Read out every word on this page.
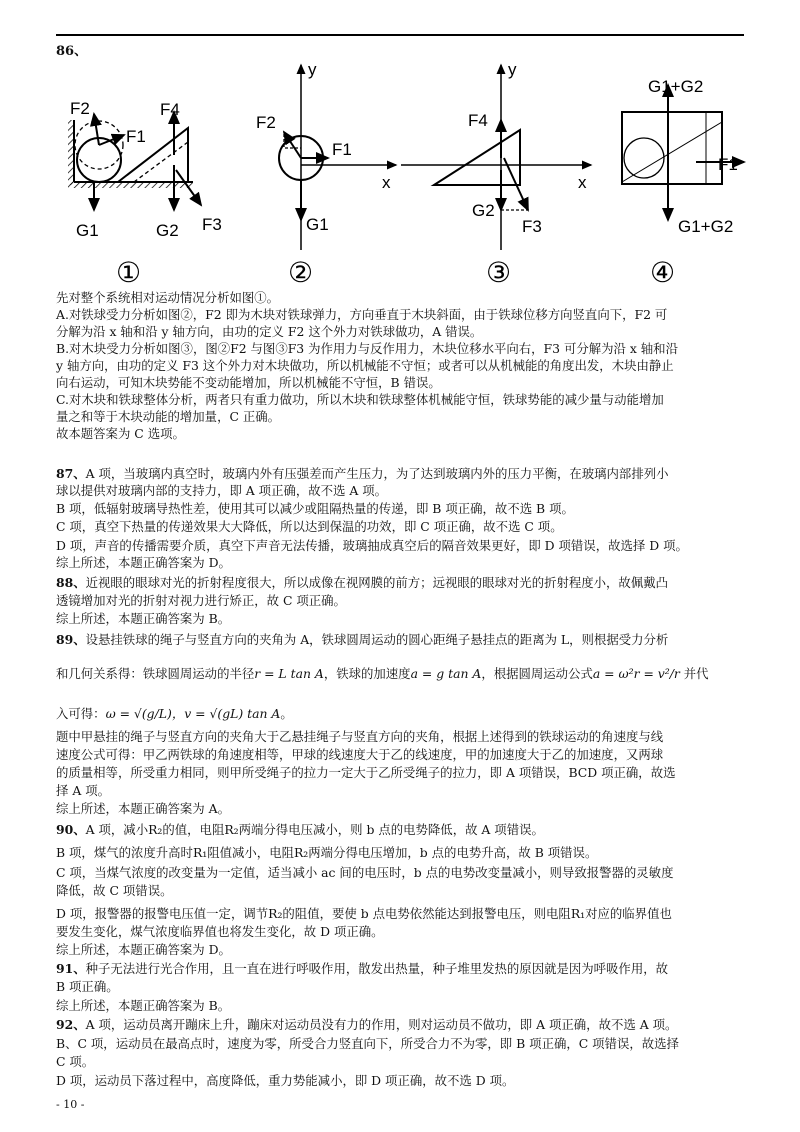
86、
F2
F1
F4
G1	G2 F3
①
y
F2
F1
x
G1
②
y
F4
x
G2
F3
③
G1+G2
F1
G1+G2
④
先对整个系统相对运动情况分析如图①。
A.对铁球受力分析如图②，F2 即为木块对铁球弹力，方向垂直于木块斜面，由于铁球位移方向竖直向下，F2 可
分解为沿 x 轴和沿 y 轴方向，由功的定义 F2 这个外力对铁球做功，A 错误。
B.对木块受力分析如图③，图②F2 与图③F3 为作用力与反作用力，木块位移水平向右，F3 可分解为沿 x 轴和沿
y 轴方向，由功的定义 F3 这个外力对木块做功，所以机械能不守恒；或者可以从机械能的角度出发，木块由静止
向右运动，可知木块势能不变动能增加，所以机械能不守恒，B 错误。
C.对木块和铁球整体分析，两者只有重力做功，所以木块和铁球整体机械能守恒，铁球势能的减少量与动能增加
量之和等于木块动能的增加量，C 正确。
故本题答案为 C 选项。
87、A 项，当玻璃内真空时，玻璃内外有压强差而产生压力，为了达到玻璃内外的压力平衡，在玻璃内部排列小
球以提供对玻璃内部的支持力，即 A 项正确，故不选 A 项。
B 项，低辐射玻璃导热性差，使用其可以减少或阻隔热量的传递，即 B 项正确，故不选 B 项。
C 项，真空下热量的传递效果大大降低，所以达到保温的功效，即 C 项正确，故不选 C 项。
D 项，声音的传播需要介质，真空下声音无法传播，玻璃抽成真空后的隔音效果更好，即 D 项错误，故选择 D 项。
综上所述，本题正确答案为 D。
88、近视眼的眼球对光的折射程度很大，所以成像在视网膜的前方；远视眼的眼球对光的折射程度小，故佩戴凸
透镜增加对光的折射对视力进行矫正，故 C 项正确。
综上所述，本题正确答案为 B。
89、设悬挂铁球的绳子与竖直方向的夹角为 A，铁球圆周运动的圆心距绳子悬挂点的距离为 L，则根据受力分析
和几何关系得：铁球圆周运动的半径r = L tan A，铁球的加速度a = g tan A，根据圆周运动公式a = ω²r = v²/r 并代
入可得：ω = √(g/L)，v = √(gL) tan A。
题中甲悬挂的绳子与竖直方向的夹角大于乙悬挂绳子与竖直方向的夹角，根据上述得到的铁球运动的角速度与线
速度公式可得：甲乙两铁球的角速度相等，甲球的线速度大于乙的线速度，甲的加速度大于乙的加速度，又两球
的质量相等，所受重力相同，则甲所受绳子的拉力一定大于乙所受绳子的拉力，即 A 项错误，BCD 项正确，故选
择 A 项。
综上所述，本题正确答案为 A。
90、A 项，减小R₂的值，电阻R₂两端分得电压减小，则 b 点的电势降低，故 A 项错误。
B 项，煤气的浓度升高时R₁阻值减小，电阻R₂两端分得电压增加，b 点的电势升高，故 B 项错误。
C 项，当煤气浓度的改变量为一定值，适当减小 ac 间的电压时，b 点的电势改变量减小，则导致报警器的灵敏度
降低，故 C 项错误。
D 项，报警器的报警电压值一定，调节R₂的阻值，要使 b 点电势依然能达到报警电压，则电阻R₁对应的临界值也
要发生变化，煤气浓度临界值也将发生变化，故 D 项正确。
综上所述，本题正确答案为 D。
91、种子无法进行光合作用，且一直在进行呼吸作用，散发出热量，种子堆里发热的原因就是因为呼吸作用，故
B 项正确。
综上所述，本题正确答案为 B。
92、A 项，运动员离开蹦床上升，蹦床对运动员没有力的作用，则对运动员不做功，即 A 项正确，故不选 A 项。
B、C 项，运动员在最高点时，速度为零，所受合力竖直向下，所受合力不为零，即 B 项正确，C 项错误，故选择
C 项。
D 项，运动员下落过程中，高度降低，重力势能减小，即 D 项正确，故不选 D 项。
- 10 -
